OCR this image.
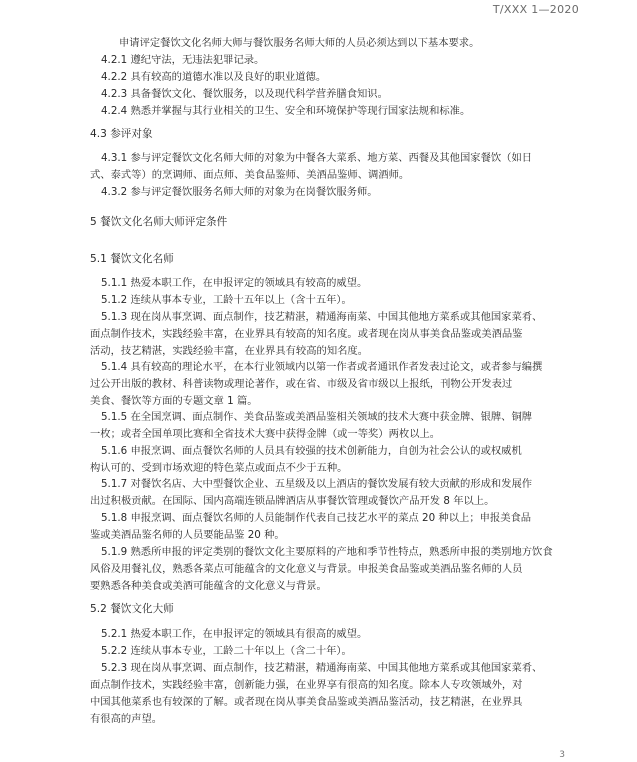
T/XXX 1—2020
申请评定餐饮文化名师大师与餐饮服务名师大师的人员必须达到以下基本要求。
4.2.1 遵纪守法，无违法犯罪记录。
4.2.2 具有较高的道德水准以及良好的职业道德。
4.2.3 具备餐饮文化、餐饮服务，以及现代科学营养膳食知识。
4.2.4 熟悉并掌握与其行业相关的卫生、安全和环境保护等现行国家法规和标准。
4.3 参评对象
4.3.1 参与评定餐饮文化名师大师的对象为中餐各大菜系、地方菜、西餐及其他国家餐饮（如日
式、泰式等）的烹调师、面点师、美食品鉴师、美酒品鉴师、调酒师。
4.3.2 参与评定餐饮服务名师大师的对象为在岗餐饮服务师。
5 餐饮文化名师大师评定条件
5.1 餐饮文化名师
5.1.1 热爱本职工作，在申报评定的领域具有较高的威望。
5.1.2 连续从事本专业，工龄十五年以上（含十五年）。
5.1.3 现在岗从事烹调、面点制作，技艺精湛，精通海南菜、中国其他地方菜系或其他国家菜肴、
面点制作技术，实践经验丰富，在业界具有较高的知名度。或者现在岗从事美食品鉴或美酒品鉴
活动，技艺精湛，实践经验丰富，在业界具有较高的知名度。
5.1.4 具有较高的理论水平，在本行业领域内以第一作者或者通讯作者发表过论文，或者参与编撰
过公开出版的教材、科普读物或理论著作，或在省、市级及省市级以上报纸，刊物公开发表过
美食、餐饮等方面的专题文章 1 篇。
5.1.5 在全国烹调、面点制作、美食品鉴或美酒品鉴相关领域的技术大赛中获金牌、银牌、铜牌
一枚；或者全国单项比赛和全省技术大赛中获得金牌（或一等奖）两枚以上。
5.1.6 申报烹调、面点餐饮名师的人员具有较强的技术创新能力，自创为社会公认的或权威机
构认可的、受到市场欢迎的特色菜点或面点不少于五种。
5.1.7 对餐饮名店、大中型餐饮企业、五星级及以上酒店的餐饮发展有较大贡献的形成和发展作
出过积极贡献。在国际、国内高端连锁品牌酒店从事餐饮管理或餐饮产品开发 8 年以上。
5.1.8 申报烹调、面点餐饮名师的人员能制作代表自己技艺水平的菜点 20 种以上；申报美食品
鉴或美酒品鉴名师的人员要能品鉴 20 种。
5.1.9 熟悉所申报的评定类别的餐饮文化主要原料的产地和季节性特点，熟悉所申报的类别地方饮食
风俗及用餐礼仪，熟悉各菜点可能蕴含的文化意义与背景。申报美食品鉴或美酒品鉴名师的人员
要熟悉各种美食或美酒可能蕴含的文化意义与背景。
5.2 餐饮文化大师
5.2.1 热爱本职工作，在申报评定的领域具有很高的威望。
5.2.2 连续从事本专业，工龄二十年以上（含二十年）。
5.2.3 现在岗从事烹调、面点制作，技艺精湛，精通海南菜、中国其他地方菜系或其他国家菜肴、
面点制作技术，实践经验丰富，创新能力强，在业界享有很高的知名度。除本人专攻领域外，对
中国其他菜系也有较深的了解。或者现在岗从事美食品鉴或美酒品鉴活动，技艺精湛，在业界具
有很高的声望。
3
